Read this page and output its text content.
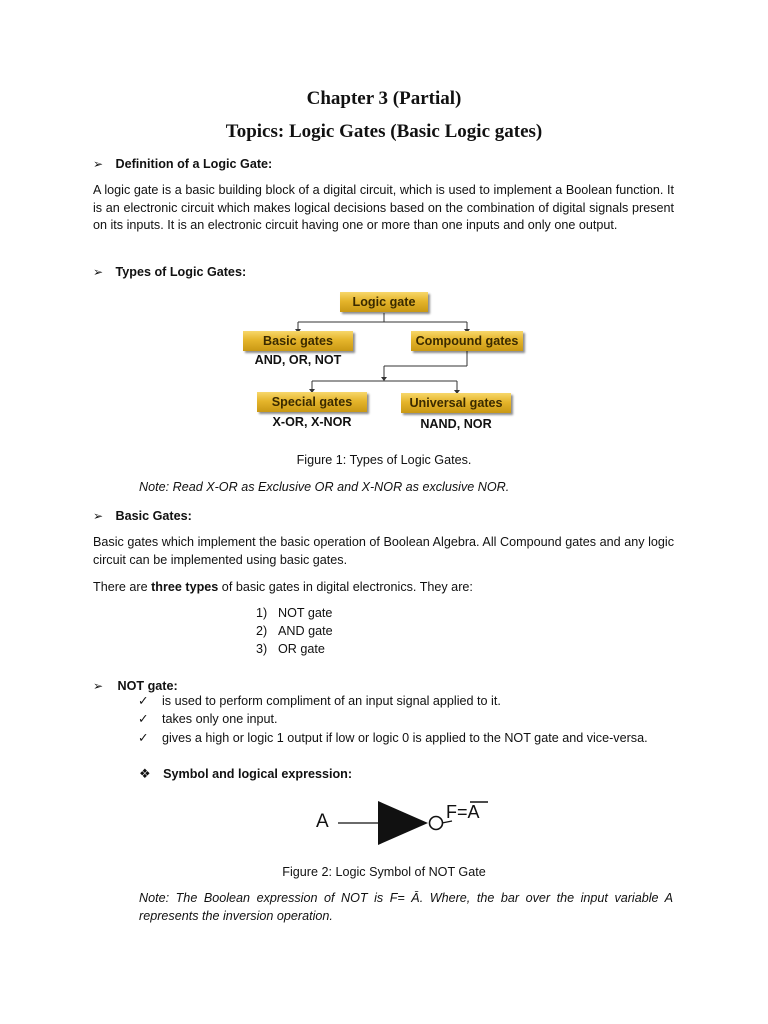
Chapter 3 (Partial)
Topics: Logic Gates (Basic Logic gates)
➢ Definition of a Logic Gate:
A logic gate is a basic building block of a digital circuit, which is used to implement a Boolean function. It is an electronic circuit which makes logical decisions based on the combination of digital signals present on its inputs. It is an electronic circuit having one or more than one inputs and only one output.
➢ Types of Logic Gates:
Logic gate
Basic gates
AND, OR, NOT
Compound gates
Special gates
X-OR, X-NOR
Universal gates
NAND, NOR
Figure 1: Types of Logic Gates.
Note: Read X-OR as Exclusive OR and X-NOR as exclusive NOR.
➢ Basic Gates:
Basic gates which implement the basic operation of Boolean Algebra. All Compound gates and any logic circuit can be implemented using basic gates.
There are three types of basic gates in digital electronics. They are:
1) NOT gate
2) AND gate
3) OR gate
➢ NOT gate:
✓ is used to perform compliment of an input signal applied to it.
✓ takes only one input.
✓ gives a high or logic 1 output if low or logic 0 is applied to the NOT gate and vice-versa.
❖ Symbol and logical expression:
A	F=A
Figure 2: Logic Symbol of NOT Gate
Note: The Boolean expression of NOT is F= Ā. Where, the bar over the input variable A represents the inversion operation.
